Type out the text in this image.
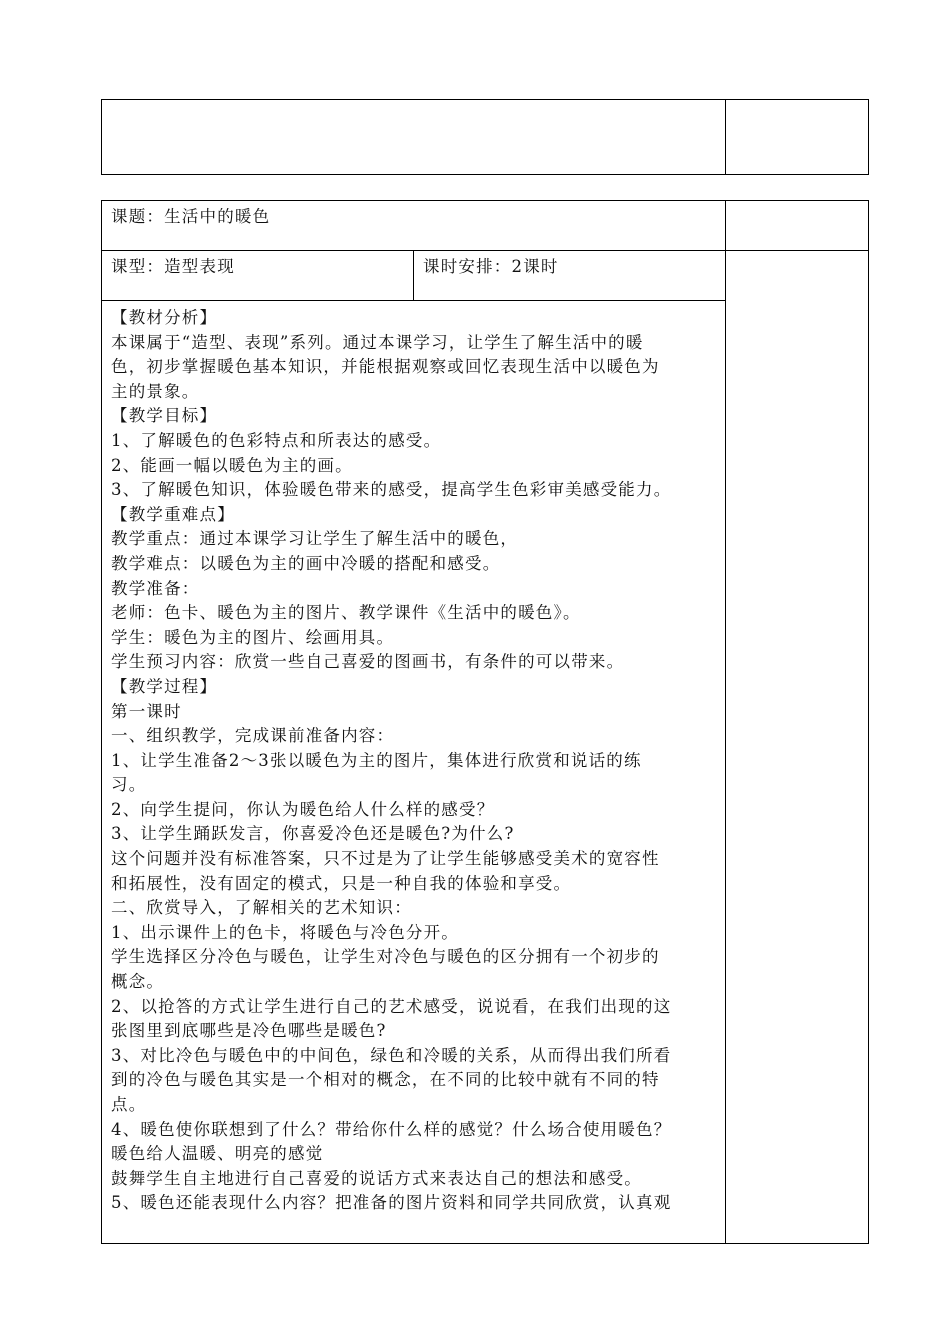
课题：生活中的暖色
课型：造型表现	课时安排：2课时
【教材分析】
本课属于“造型、表现”系列。通过本课学习，让学生了解生活中的暖
色，初步掌握暖色基本知识，并能根据观察或回忆表现生活中以暖色为
主的景象。
【教学目标】
1、了解暖色的色彩特点和所表达的感受。
2、能画一幅以暖色为主的画。
3、了解暖色知识，体验暖色带来的感受，提高学生色彩审美感受能力。
【教学重难点】
教学重点：通过本课学习让学生了解生活中的暖色，
教学难点：以暖色为主的画中冷暖的搭配和感受。
教学准备：
老师：色卡、暖色为主的图片、教学课件《生活中的暖色》。
学生：暖色为主的图片、绘画用具。
学生预习内容：欣赏一些自己喜爱的图画书，有条件的可以带来。
【教学过程】
第一课时
一、组织教学，完成课前准备内容：
1、让学生准备2～3张以暖色为主的图片，集体进行欣赏和说话的练
习。
2、向学生提问，你认为暖色给人什么样的感受？
3、让学生踊跃发言，你喜爱冷色还是暖色?为什么?
这个问题并没有标准答案，只不过是为了让学生能够感受美术的宽容性
和拓展性，没有固定的模式，只是一种自我的体验和享受。
二、欣赏导入，了解相关的艺术知识：
1、出示课件上的色卡，将暖色与冷色分开。
学生选择区分冷色与暖色，让学生对冷色与暖色的区分拥有一个初步的
概念。
2、以抢答的方式让学生进行自己的艺术感受，说说看，在我们出现的这
张图里到底哪些是冷色哪些是暖色?
3、对比冷色与暖色中的中间色，绿色和冷暖的关系，从而得出我们所看
到的冷色与暖色其实是一个相对的概念，在不同的比较中就有不同的特
点。
4、暖色使你联想到了什么？带给你什么样的感觉？什么场合使用暖色？
暖色给人温暖、明亮的感觉
鼓舞学生自主地进行自己喜爱的说话方式来表达自己的想法和感受。
5、暖色还能表现什么内容？把准备的图片资料和同学共同欣赏，认真观
